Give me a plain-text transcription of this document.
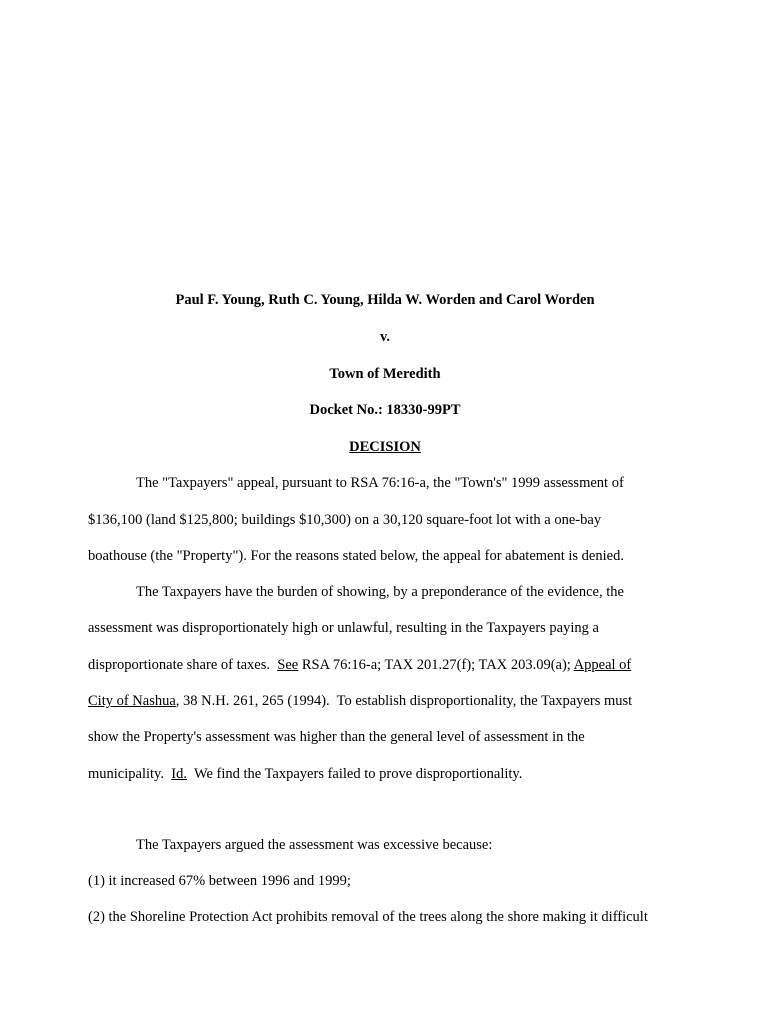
Paul F. Young, Ruth C. Young, Hilda W. Worden and Carol Worden
v.
Town of Meredith
Docket No.: 18330-99PT
DECISION
The "Taxpayers" appeal, pursuant to RSA 76:16-a, the "Town's" 1999 assessment of
$136,100 (land $125,800; buildings $10,300) on a 30,120 square-foot lot with a one-bay
boathouse (the "Property"). For the reasons stated below, the appeal for abatement is denied.
The Taxpayers have the burden of showing, by a preponderance of the evidence, the
assessment was disproportionately high or unlawful, resulting in the Taxpayers paying a
disproportionate share of taxes.  See RSA 76:16-a; TAX 201.27(f); TAX 203.09(a); Appeal of
City of Nashua, 38 N.H. 261, 265 (1994).  To establish disproportionality, the Taxpayers must
show the Property's assessment was higher than the general level of assessment in the
municipality.  Id.  We find the Taxpayers failed to prove disproportionality.
The Taxpayers argued the assessment was excessive because:
(1) it increased 67% between 1996 and 1999;
(2) the Shoreline Protection Act prohibits removal of the trees along the shore making it difficult
